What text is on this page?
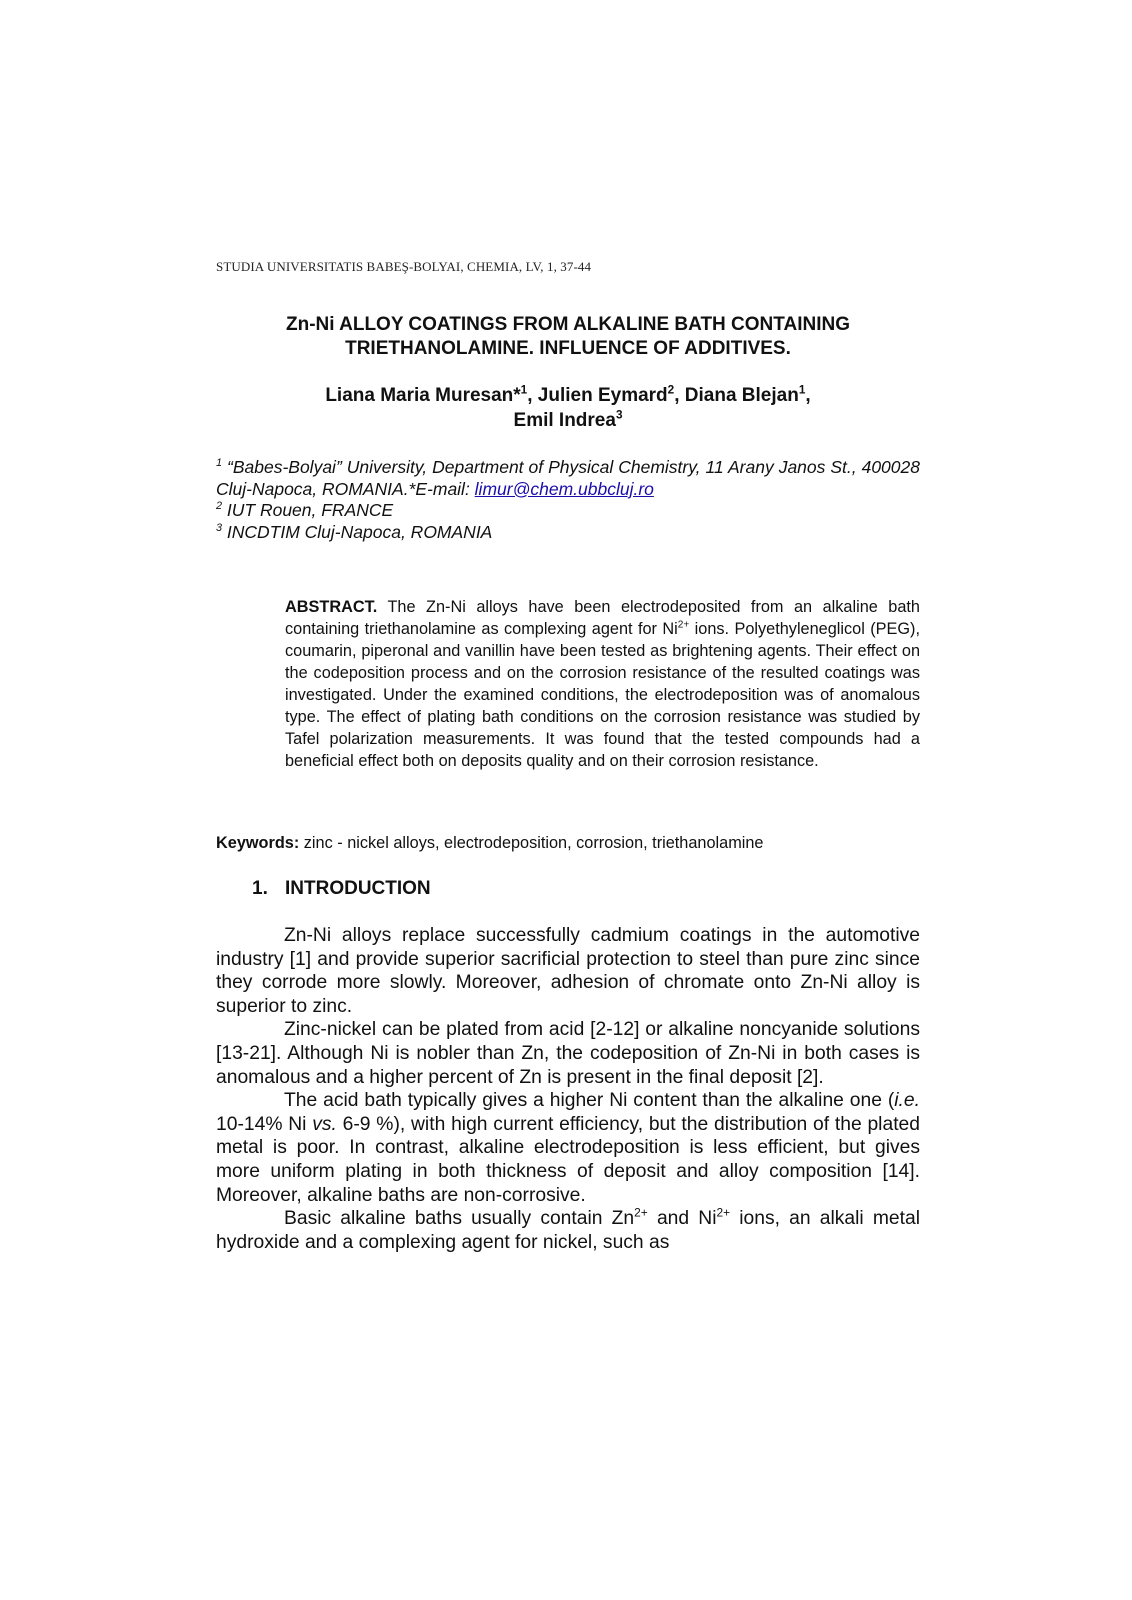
STUDIA UNIVERSITATIS BABEŞ-BOLYAI, CHEMIA, LV, 1, 37-44
Zn-Ni ALLOY COATINGS FROM ALKALINE BATH CONTAINING
TRIETHANOLAMINE. INFLUENCE OF ADDITIVES.
Liana Maria Muresan*$^1$, Julien Eymard$^2$, Diana Blejan$^1$,
Emil Indrea$^3$
$^1$ “Babes-Bolyai” University, Department of Physical Chemistry, 11 Arany Janos St., 400028 Cluj-Napoca, ROMANIA.*E-mail: limur@chem.ubbcluj.ro
$^2$ IUT Rouen, FRANCE
$^3$ INCDTIM Cluj-Napoca, ROMANIA
ABSTRACT. The Zn-Ni alloys have been electrodeposited from an alkaline bath containing triethanolamine as complexing agent for $Ni^{2+}$ ions. Polyethyleneglicol (PEG), coumarin, piperonal and vanillin have been tested as brightening agents. Their effect on the codeposition process and on the corrosion resistance of the resulted coatings was investigated. Under the examined conditions, the electrodeposition was of anomalous type. The effect of plating bath conditions on the corrosion resistance was studied by Tafel polarization measurements. It was found that the tested compounds had a beneficial effect both on deposits quality and on their corrosion resistance.
Keywords: zinc - nickel alloys, electrodeposition, corrosion, triethanolamine
1. INTRODUCTION

Zn-Ni alloys replace successfully cadmium coatings in the automotive industry [1] and provide superior sacrificial protection to steel than pure zinc since they corrode more slowly. Moreover, adhesion of chromate onto Zn-Ni alloy is superior to zinc.

Zinc-nickel can be plated from acid [2-12] or alkaline noncyanide solutions [13-21]. Although Ni is nobler than Zn, the codeposition of Zn-Ni in both cases is anomalous and a higher percent of Zn is present in the final deposit [2].

The acid bath typically gives a higher Ni content than the alkaline one (i.e. 10-14% Ni vs. 6-9 %), with high current efficiency, but the distribution of the plated metal is poor. In contrast, alkaline electrodeposition is less efficient, but gives more uniform plating in both thickness of deposit and alloy composition [14]. Moreover, alkaline baths are non-corrosive.

Basic alkaline baths usually contain $Zn^{2+}$ and $Ni^{2+}$ ions, an alkali metal hydroxide and a complexing agent for nickel, such as
